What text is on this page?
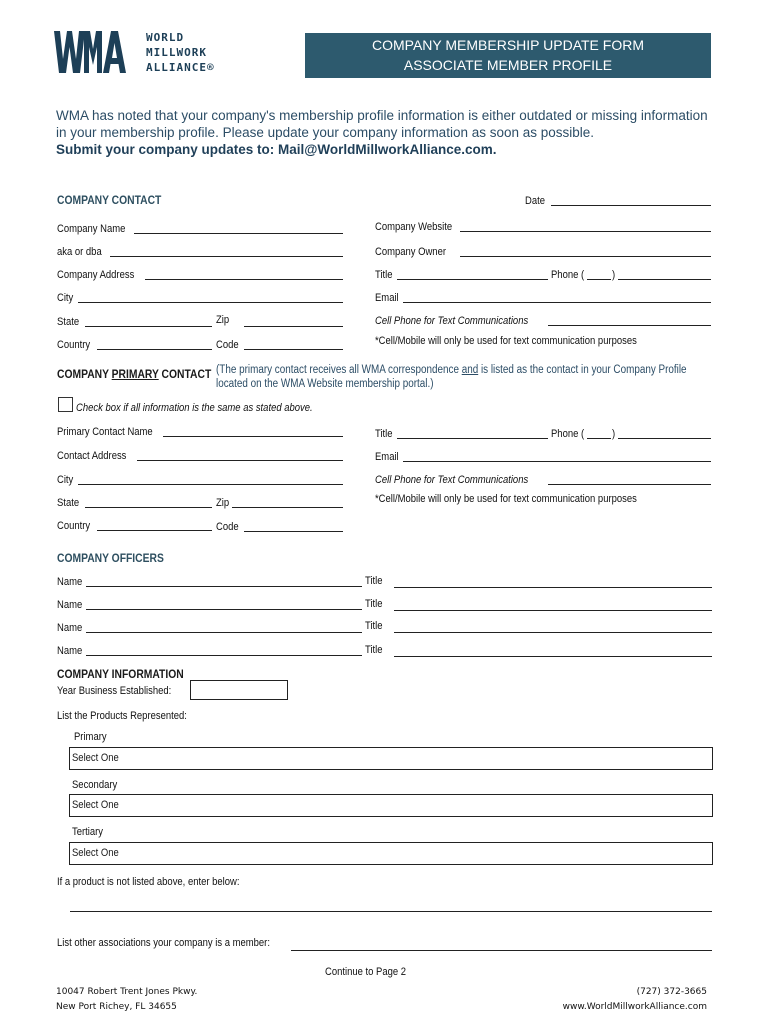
WORLD
MILLWORK
ALLIANCE®
COMPANY MEMBERSHIP UPDATE FORM
ASSOCIATE MEMBER PROFILE
WMA has noted that your company's membership profile information is either outdated or missing information in your membership profile. Please update your company information as soon as possible.
Submit your company updates to: Mail@WorldMillworkAlliance.com.
COMPANY CONTACT	Date
Company Name	Company Website
aka or dba	Company Owner
Company Address	Title	Phone (	)
City	Email
State	Zip	Cell Phone for Text Communications
Country	Code	*Cell/Mobile will only be used for text communication purposes
COMPANY PRIMARY CONTACT (The primary contact receives all WMA correspondence and is listed as the contact in your Company Profile
located on the WMA Website membership portal.)
Check box if all information is the same as stated above.
Primary Contact Name	Title	Phone (	)
Contact Address	Email
City	Cell Phone for Text Communications
State	Zip	*Cell/Mobile will only be used for text communication purposes
Country	Code
COMPANY OFFICERS
Name	Title
Name	Title
Name	Title
Name	Title
COMPANY INFORMATION
Year Business Established:
List the Products Represented:
Primary
Select One
Secondary
Select One
Tertiary
Select One
If a product is not listed above, enter below:
List other associations your company is a member:
Continue to Page 2
10047 Robert Trent Jones Pkwy.
New Port Richey, FL 34655
(727) 372-3665
www.WorldMillworkAlliance.com
